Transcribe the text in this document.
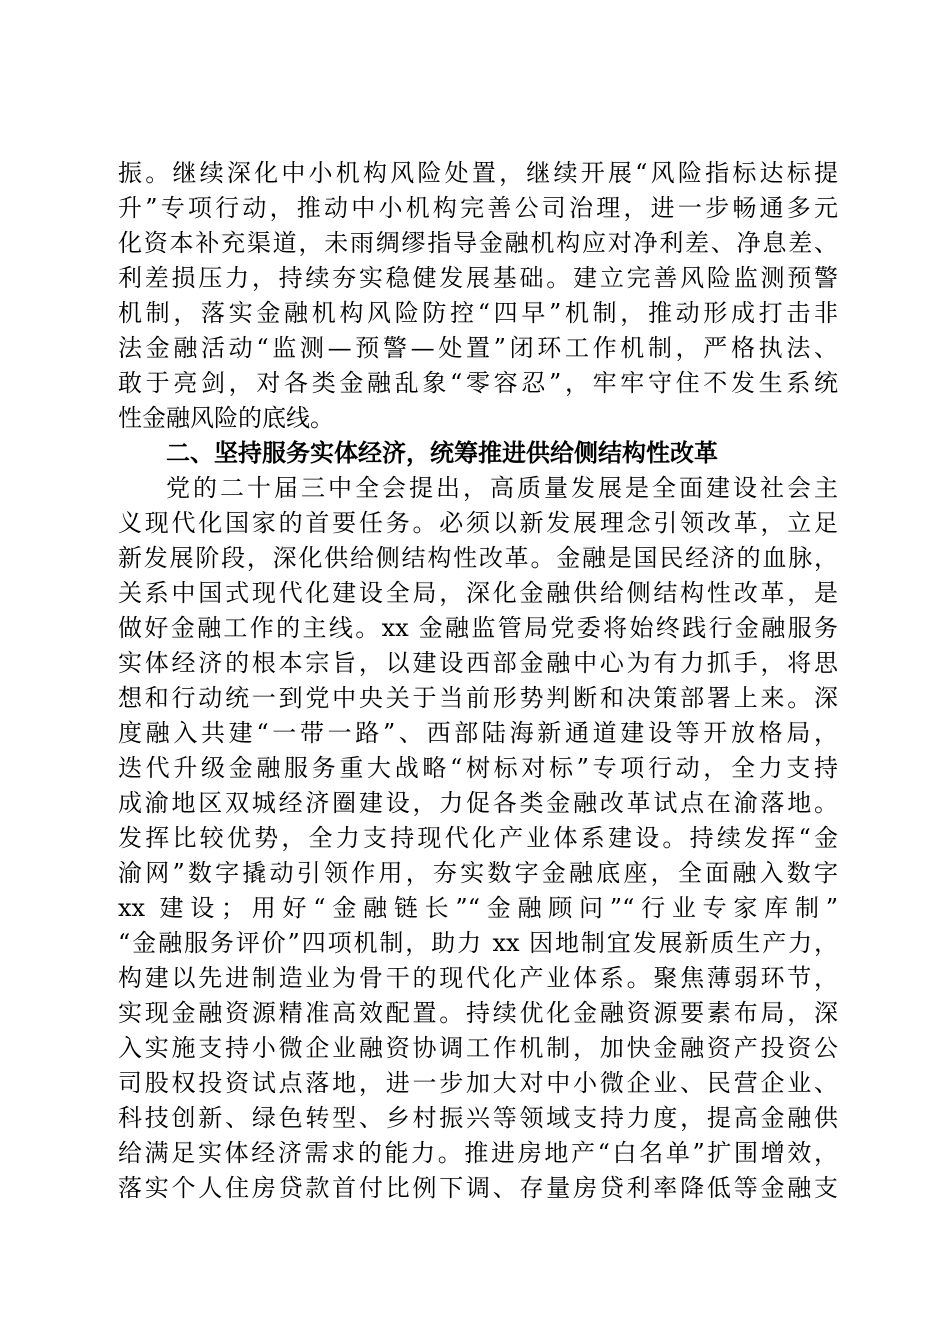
振。继续深化中小机构风险处置，继续开展“风险指标达标提
升”专项行动，推动中小机构完善公司治理，进一步畅通多元
化资本补充渠道，未雨绸缪指导金融机构应对净利差、净息差、
利差损压力，持续夯实稳健发展基础。建立完善风险监测预警
机制，落实金融机构风险防控“四早”机制，推动形成打击非
法金融活动“监测—预警—处置”闭环工作机制，严格执法、
敢于亮剑，对各类金融乱象“零容忍”，牢牢守住不发生系统
性金融风险的底线。
二、坚持服务实体经济，统筹推进供给侧结构性改革
党的二十届三中全会提出，高质量发展是全面建设社会主
义现代化国家的首要任务。必须以新发展理念引领改革，立足
新发展阶段，深化供给侧结构性改革。金融是国民经济的血脉，
关系中国式现代化建设全局，深化金融供给侧结构性改革，是
做好金融工作的主线。xx 金融监管局党委将始终践行金融服务
实体经济的根本宗旨，以建设西部金融中心为有力抓手，将思
想和行动统一到党中央关于当前形势判断和决策部署上来。深
度融入共建“一带一路”、西部陆海新通道建设等开放格局，
迭代升级金融服务重大战略“树标对标”专项行动，全力支持
成渝地区双城经济圈建设，力促各类金融改革试点在渝落地。
发挥比较优势，全力支持现代化产业体系建设。持续发挥“金
渝网”数字撬动引领作用，夯实数字金融底座，全面融入数字
xx 建设；用好“金融链长”“金融顾问”“行业专家库制”
“金融服务评价”四项机制，助力 xx 因地制宜发展新质生产力，
构建以先进制造业为骨干的现代化产业体系。聚焦薄弱环节，
实现金融资源精准高效配置。持续优化金融资源要素布局，深
入实施支持小微企业融资协调工作机制，加快金融资产投资公
司股权投资试点落地，进一步加大对中小微企业、民营企业、
科技创新、绿色转型、乡村振兴等领域支持力度，提高金融供
给满足实体经济需求的能力。推进房地产“白名单”扩围增效，
落实个人住房贷款首付比例下调、存量房贷利率降低等金融支
